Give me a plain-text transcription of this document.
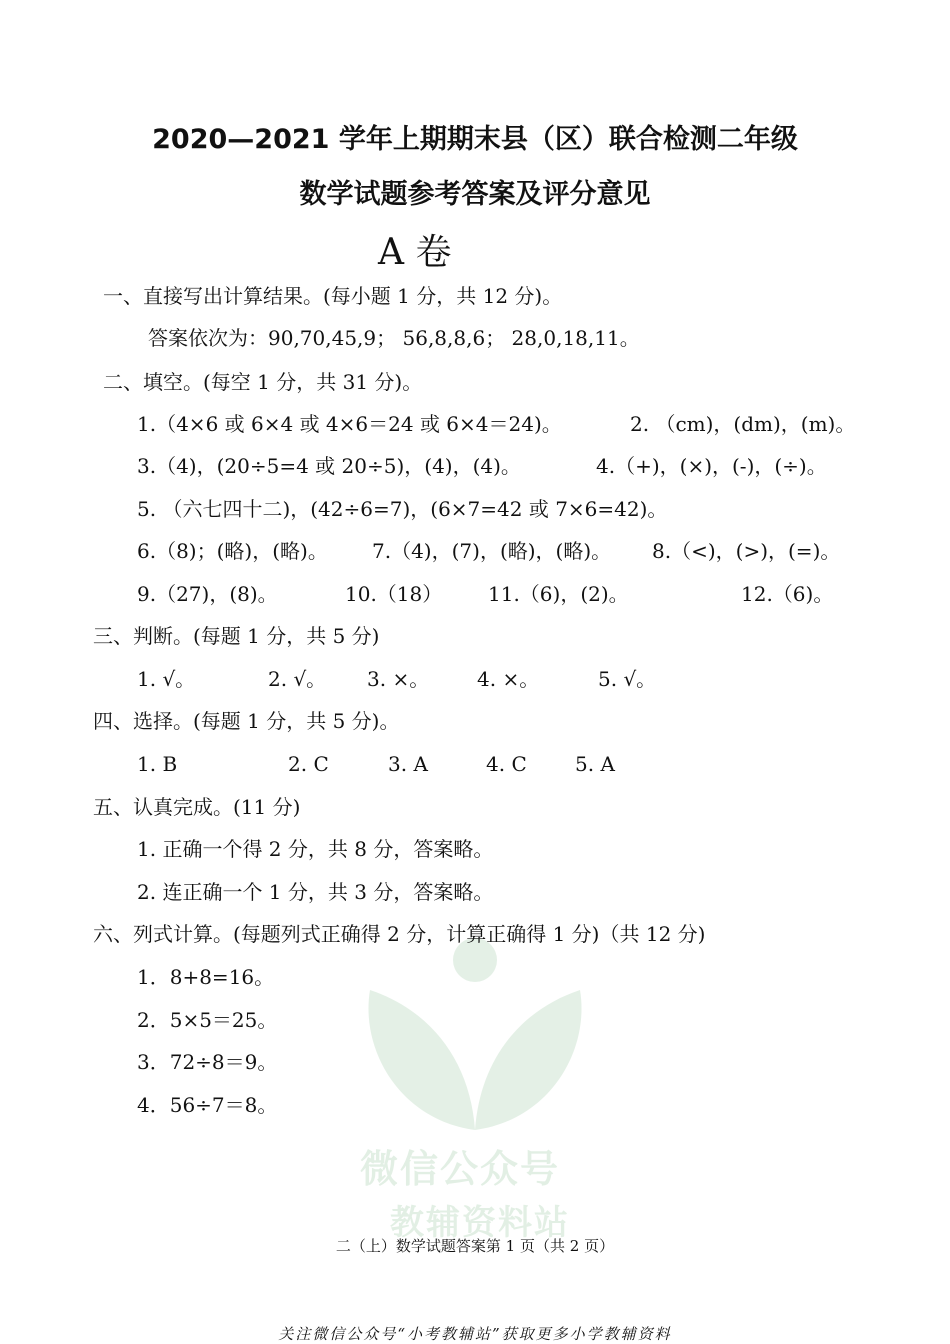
微信公众号
教辅资料站
2020—2021 学年上期期末县（区）联合检测二年级
数学试题参考答案及评分意见
A 卷
一、直接写出计算结果。(每小题 1 分，共 12 分)。
答案依次为：90,70,45,9； 56,8,8,6； 28,0,18,11。
二、填空。(每空 1 分，共 31 分)。
1.（4×6 或 6×4 或 4×6＝24 或 6×4＝24)。	2. （cm)，(dm)，(m)。
3.（4)，(20÷5=4 或 20÷5)，(4)，(4)。	4.（+)，(×)，(-)，(÷)。
5. （六七四十二)，(42÷6=7)，(6×7=42 或 7×6=42)。
6.（8)；(略)，(略)。 7.（4)，(7)，(略)，(略)。 8.（<)，(>)，(=)。
9.（27)，(8)。	10.（18） 11.（6)，(2)。	12.（6)。
三、判断。(每题 1 分，共 5 分)
1. √。	2. √。 3. ×。 4. ×。	5. √。
四、选择。(每题 1 分，共 5 分)。
1. B	2. C	3. A	4. C 5. A
五、认真完成。(11 分)
1. 正确一个得 2 分，共 8 分，答案略。
2. 连正确一个 1 分，共 3 分，答案略。
六、列式计算。(每题列式正确得 2 分，计算正确得 1 分)（共 12 分)
1．8+8=16。
2．5×5＝25。
3．72÷8＝9。
4．56÷7＝8。
二（上）数学试题答案第 1 页（共 2 页）
关注微信公众号“小考教辅站”获取更多小学教辅资料
